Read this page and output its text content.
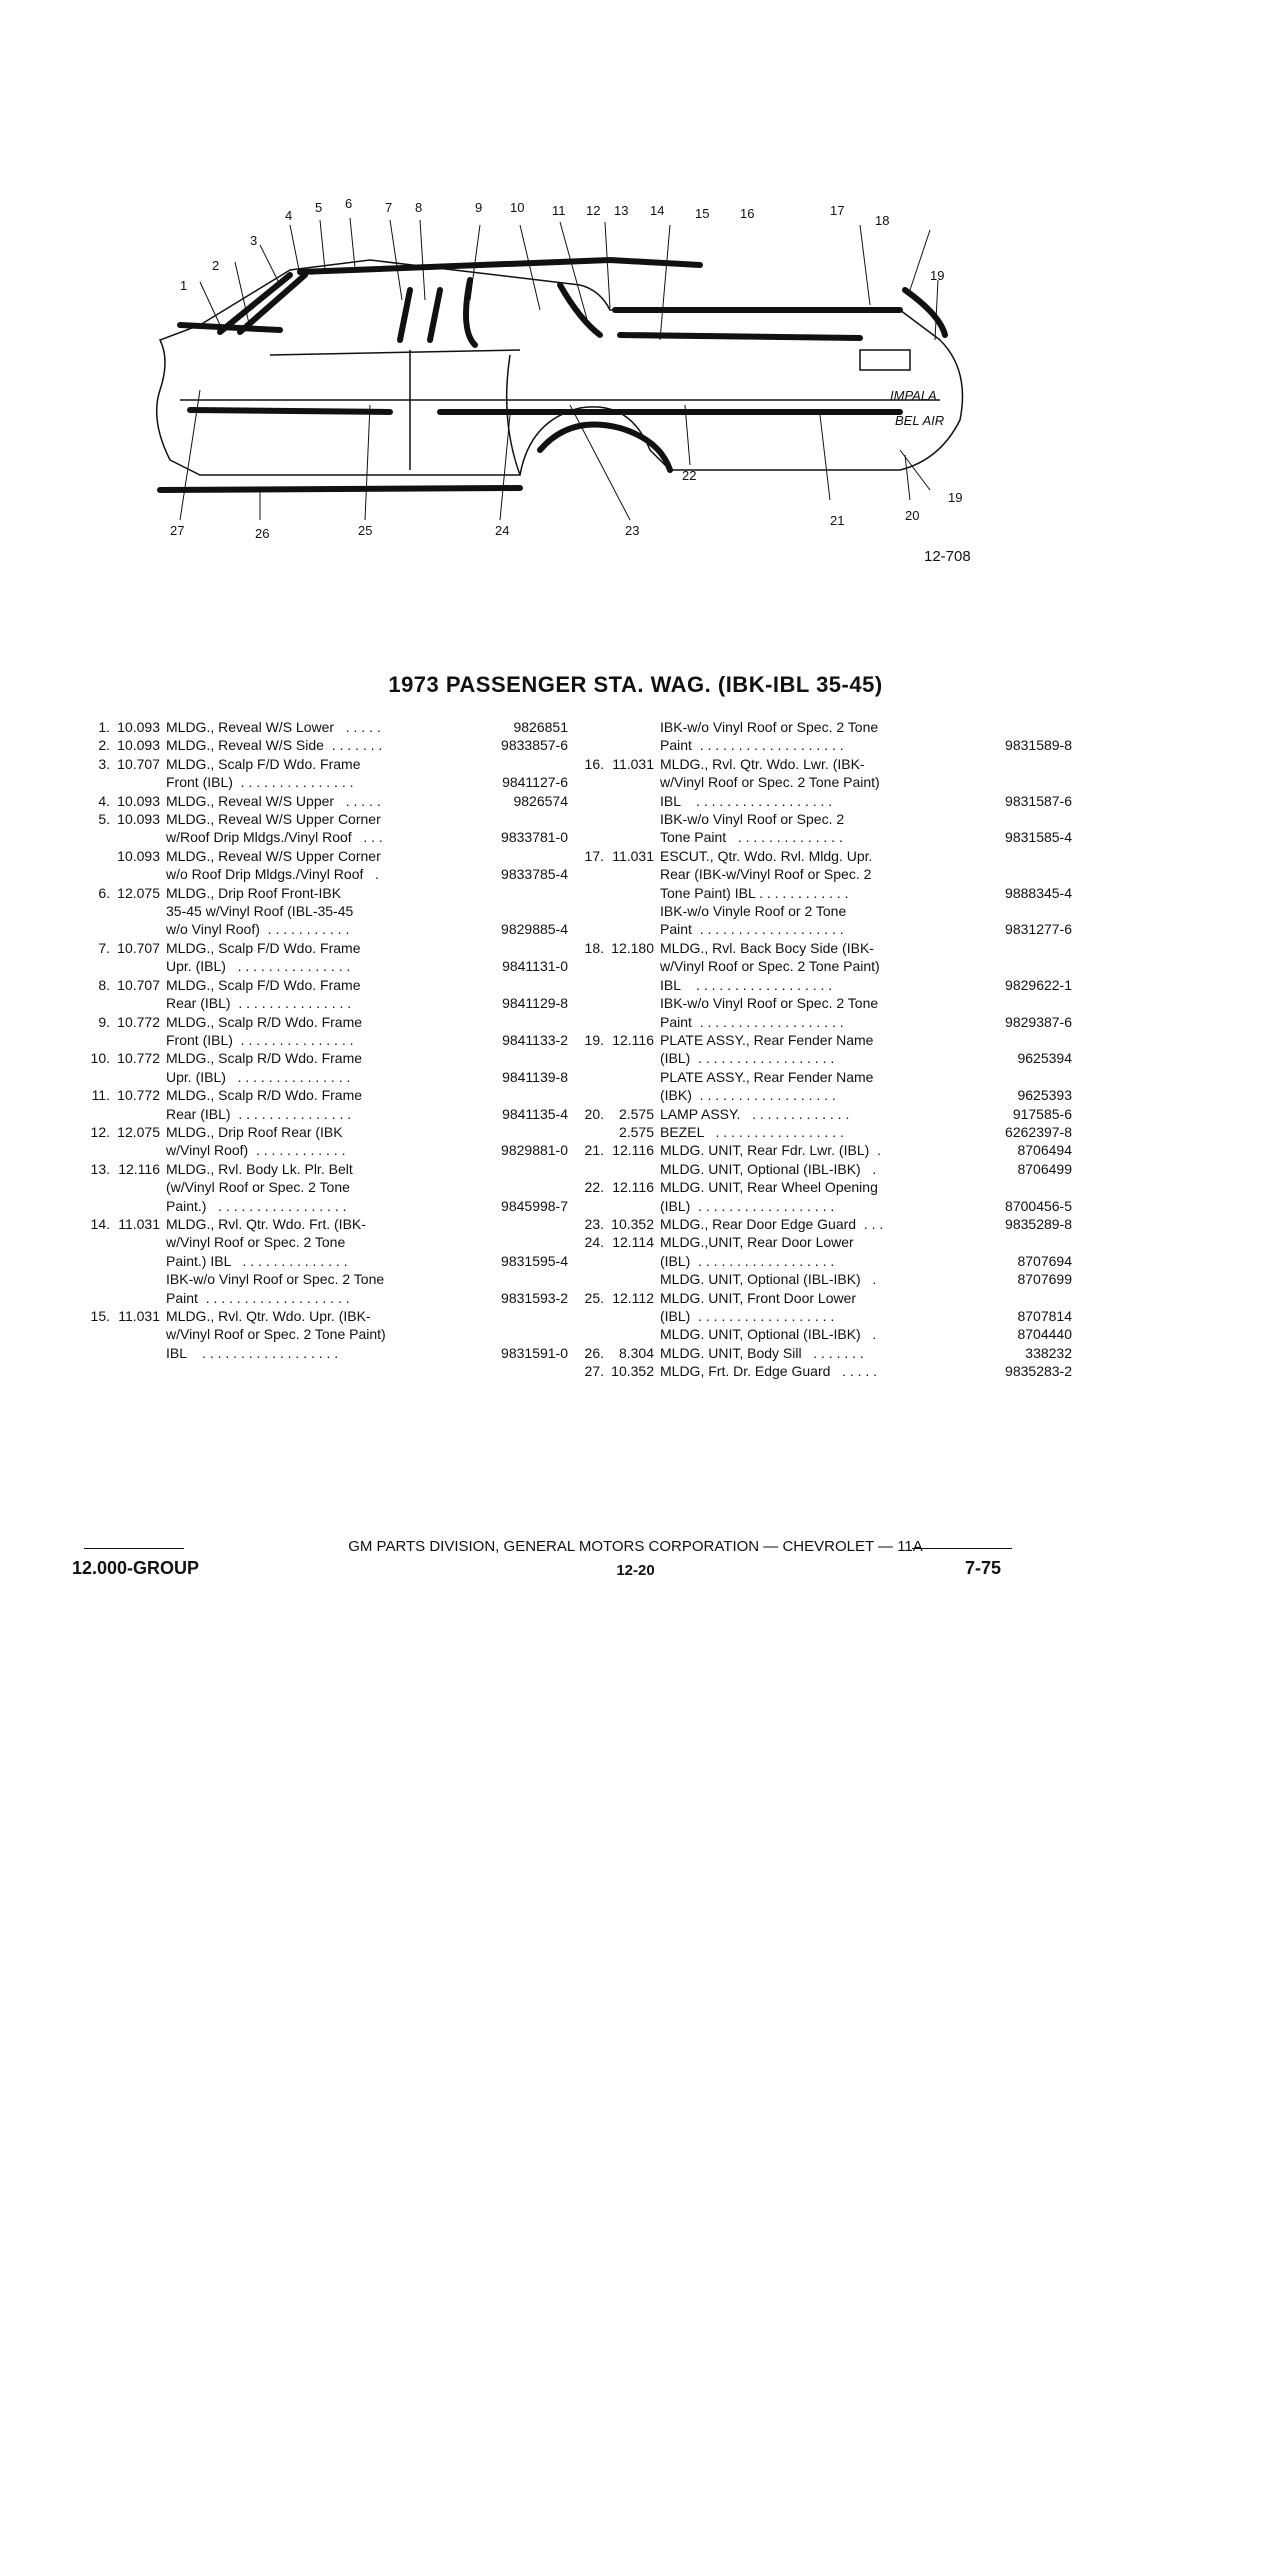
IMPALA
BEL AIR
1
2
3
4
5 6	7 8	9 10 11 12 13 14 15 16	17
18
19
19
20
21
22
23
24
25
26
27
12-708
1973 PASSENGER STA. WAG. (IBK-IBL 35-45)
1. 10.093 MLDG., Reveal W/S Lower   . . . . .	9826851
2. 10.093 MLDG., Reveal W/S Side  . . . . . . .	9833857-6
3. 10.707 MLDG., Scalp F/D Wdo. Frame
Front (IBL)  . . . . . . . . . . . . . . .	9841127-6
4. 10.093 MLDG., Reveal W/S Upper   . . . . .	9826574
5. 10.093 MLDG., Reveal W/S Upper Corner
w/Roof Drip Mldgs./Vinyl Roof   . . .	9833781-0
10.093 MLDG., Reveal W/S Upper Corner
w/o Roof Drip Mldgs./Vinyl Roof   .	9833785-4
6. 12.075 MLDG., Drip Roof Front-IBK
35-45 w/Vinyl Roof (IBL-35-45
w/o Vinyl Roof)  . . . . . . . . . . .	9829885-4
7. 10.707 MLDG., Scalp F/D Wdo. Frame
Upr. (IBL)   . . . . . . . . . . . . . . .	9841131-0
8. 10.707 MLDG., Scalp F/D Wdo. Frame
Rear (IBL)  . . . . . . . . . . . . . . .	9841129-8
9. 10.772 MLDG., Scalp R/D Wdo. Frame
Front (IBL)  . . . . . . . . . . . . . . .	9841133-2
10. 10.772 MLDG., Scalp R/D Wdo. Frame
Upr. (IBL)   . . . . . . . . . . . . . . .	9841139-8
11. 10.772 MLDG., Scalp R/D Wdo. Frame
Rear (IBL)  . . . . . . . . . . . . . . .	9841135-4
12. 12.075 MLDG., Drip Roof Rear (IBK
w/Vinyl Roof)  . . . . . . . . . . . .	9829881-0
13. 12.116 MLDG., Rvl. Body Lk. Plr. Belt
(w/Vinyl Roof or Spec. 2 Tone
Paint.)   . . . . . . . . . . . . . . . . .	9845998-7
14. 11.031 MLDG., Rvl. Qtr. Wdo. Frt. (IBK-
w/Vinyl Roof or Spec. 2 Tone
Paint.) IBL   . . . . . . . . . . . . . .	9831595-4
IBK-w/o Vinyl Roof or Spec. 2 Tone
Paint  . . . . . . . . . . . . . . . . . . .	9831593-2
15. 11.031 MLDG., Rvl. Qtr. Wdo. Upr. (IBK-
w/Vinyl Roof or Spec. 2 Tone Paint)
IBL    . . . . . . . . . . . . . . . . . .	9831591-0
IBK-w/o Vinyl Roof or Spec. 2 Tone
Paint  . . . . . . . . . . . . . . . . . . .	9831589-8
16. 11.031 MLDG., Rvl. Qtr. Wdo. Lwr. (IBK-
w/Vinyl Roof or Spec. 2 Tone Paint)
IBL    . . . . . . . . . . . . . . . . . .	9831587-6
IBK-w/o Vinyl Roof or Spec. 2
Tone Paint   . . . . . . . . . . . . . .	9831585-4
17. 11.031 ESCUT., Qtr. Wdo. Rvl. Mldg. Upr.
Rear (IBK-w/Vinyl Roof or Spec. 2
Tone Paint) IBL . . . . . . . . . . . .	9888345-4
IBK-w/o Vinyle Roof or 2 Tone
Paint  . . . . . . . . . . . . . . . . . . .	9831277-6
18. 12.180 MLDG., Rvl. Back Bocy Side (IBK-
w/Vinyl Roof or Spec. 2 Tone Paint)
IBL    . . . . . . . . . . . . . . . . . .	9829622-1
IBK-w/o Vinyl Roof or Spec. 2 Tone
Paint  . . . . . . . . . . . . . . . . . . .	9829387-6
19. 12.116 PLATE ASSY., Rear Fender Name
(IBL)  . . . . . . . . . . . . . . . . . .	9625394
PLATE ASSY., Rear Fender Name
(IBK)  . . . . . . . . . . . . . . . . . .	9625393
20.	2.575 LAMP ASSY.   . . . . . . . . . . . . .	917585-6
2.575 BEZEL   . . . . . . . . . . . . . . . . .	6262397-8
21. 12.116 MLDG. UNIT, Rear Fdr. Lwr. (IBL)  .	8706494
MLDG. UNIT, Optional (IBL-IBK)   .	8706499
22. 12.116 MLDG. UNIT, Rear Wheel Opening
(IBL)  . . . . . . . . . . . . . . . . . .	8700456-5
23. 10.352 MLDG., Rear Door Edge Guard  . . .	9835289-8
24. 12.114 MLDG.,UNIT, Rear Door Lower
(IBL)  . . . . . . . . . . . . . . . . . .	8707694
MLDG. UNIT, Optional (IBL-IBK)   .	8707699
25. 12.112 MLDG. UNIT, Front Door Lower
(IBL)  . . . . . . . . . . . . . . . . . .	8707814
MLDG. UNIT, Optional (IBL-IBK)   .	8704440
26.	8.304 MLDG. UNIT, Body Sill   . . . . . . .	338232
27. 10.352 MLDG, Frt. Dr. Edge Guard   . . . . .	9835283-2
GM PARTS DIVISION, GENERAL MOTORS CORPORATION — CHEVROLET — 11A
12.000-GROUP	12-20	7-75
